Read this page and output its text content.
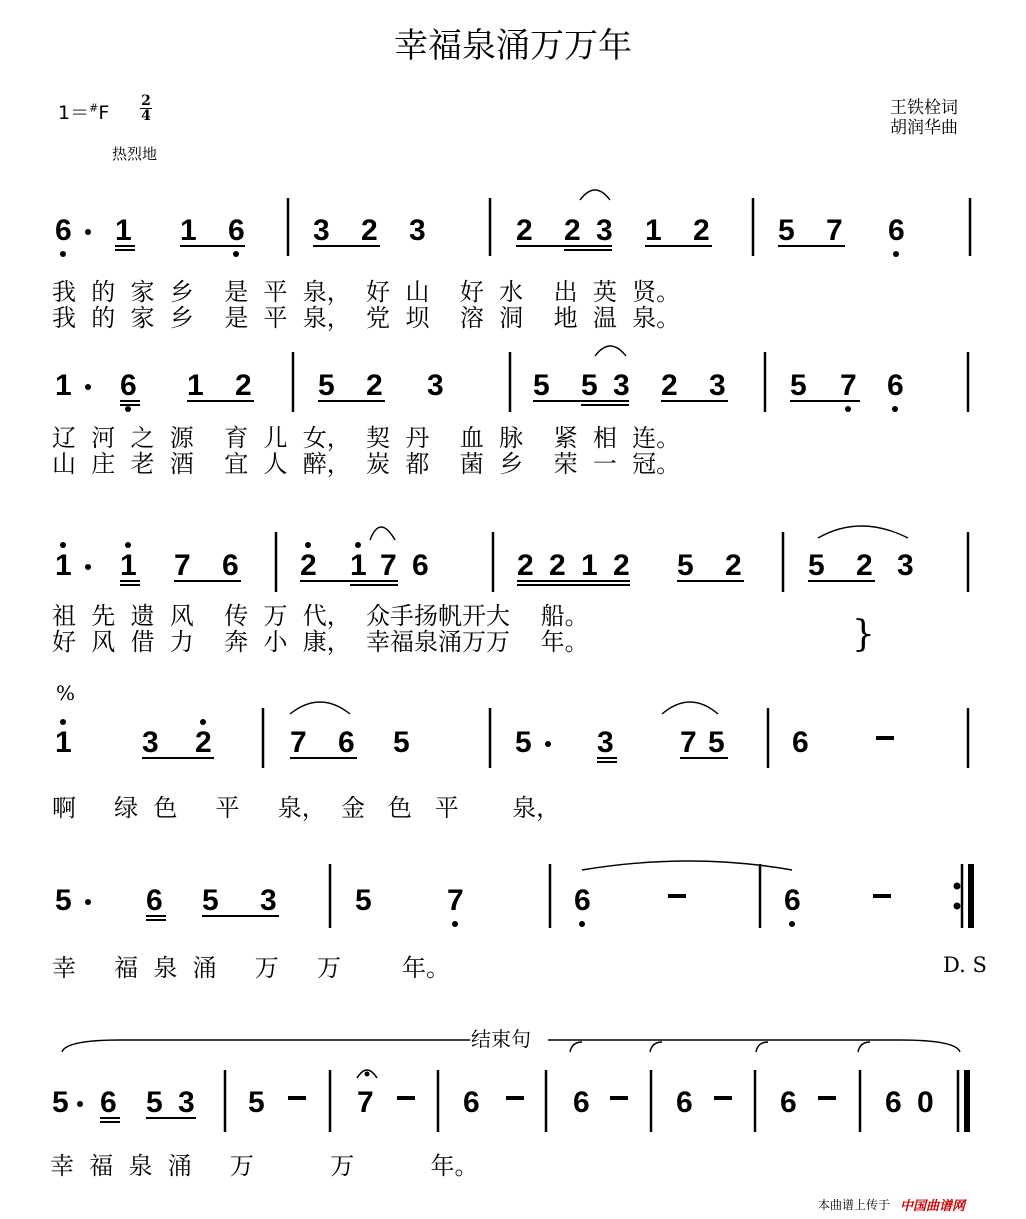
幸福泉涌万万年
$1=^{\#}F \frac{2}{4}$
热烈地
王铁栓词
胡润华曲
我  的  家  乡    是  平  泉，  好  山    好  水    出  英  贤。
我  的  家  乡    是  平  泉，  党  坝    溶  洞    地  温  泉。
辽  河  之  源    育  儿  女，  契  丹    血  脉    紧  相  连。
山  庄  老  酒    宜  人  醉，  炭  都    菌  乡    荣  一  冠。
祖  先  遗  风    传  万  代，  众手扬帆开大    船。
好  风  借  力    奔  小  康，  幸福泉涌万万    年。	}
啊     绿  色     平     泉，  金   色   平       泉，
幸     福  泉  涌     万     万        年。	D. S
幸  福  泉  涌     万          万          年。
本曲谱上传于 中国曲谱网
6 1 1 6 3 2 3	2 2 3 1 2 5 7 6
1 6 1 2 5 2 3	5 5 3 2 3 5 7 6
1 1 7 6 2 1 7 6	2 2 1 2 5 2 5 2 3
1 3 2	7 6 5	5 3 7 5 6
5 6 5 3	5	7	6	6
5 6 5 3 5	7	6	6	6	6	6 0
结束句
%
